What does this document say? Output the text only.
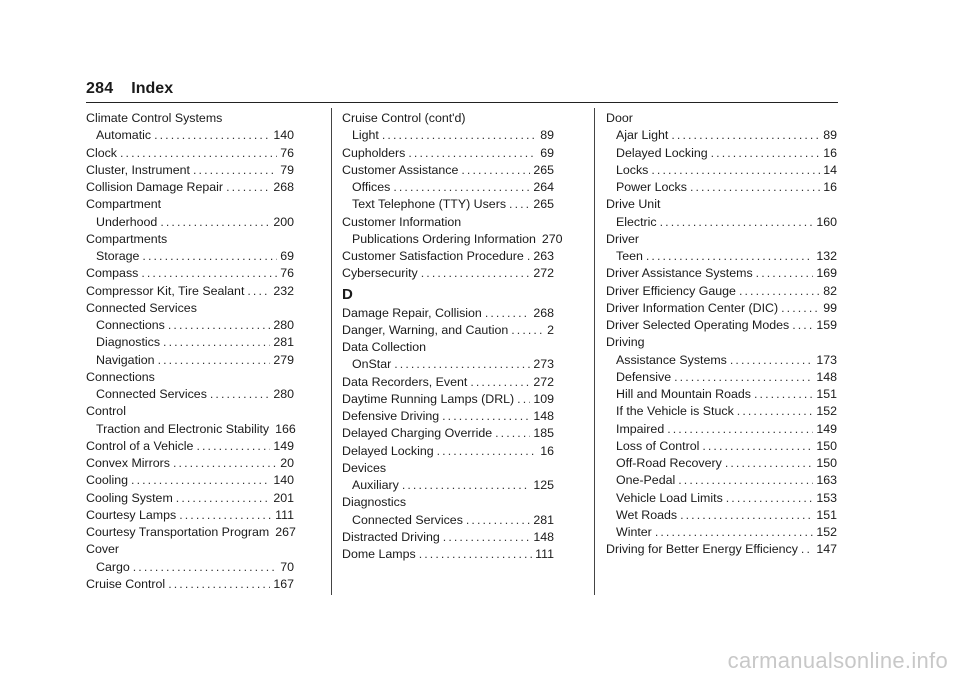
284 Index
Climate Control Systems
Automatic .....	140
Clock .....	76
Cluster, Instrument .....	79
Collision Damage Repair .....	268
Compartment
Underhood .....	200
Compartments
Storage .....	69
Compass .....	76
Compressor Kit, Tire Sealant ..... 232
Connected Services
Connections .....	280
Diagnostics .....	281
Navigation .....	279
Connections
Connected Services .....	280
Control
Traction and Electronic Stability 166
Control of a Vehicle .....	149
Convex Mirrors .....	20
Cooling .....	140
Cooling System .....	201
Courtesy Lamps .....	111
Courtesy Transportation Program 267
Cover
Cargo .....	70
Cruise Control .....	167
Cruise Control (cont'd)
Light .....	89
Cupholders .....	69
Customer Assistance .....	265
Offices .....	264
Text Telephone (TTY) Users ..... 265
Customer Information
Publications Ordering Information 270
Customer Satisfaction Procedure ..... 263
Cybersecurity .....	272
D
Damage Repair, Collision .....	268
Danger, Warning, and Caution .....	2
Data Collection
OnStar .....	273
Data Recorders, Event .....	272
Daytime Running Lamps (DRL) ..... 109
Defensive Driving .....	148
Delayed Charging Override .....	185
Delayed Locking .....	16
Devices
Auxiliary .....	125
Diagnostics
Connected Services .....	281
Distracted Driving .....	148
Dome Lamps .....	111
Door
Ajar Light .....	89
Delayed Locking .....	16
Locks .....	14
Power Locks .....	16
Drive Unit
Electric .....	160
Driver
Teen .....	132
Driver Assistance Systems .....	169
Driver Efficiency Gauge .....	82
Driver Information Center (DIC) .....	99
Driver Selected Operating Modes ..... 159
Driving
Assistance Systems .....	173
Defensive .....	148
Hill and Mountain Roads .....	151
If the Vehicle is Stuck .....	152
Impaired .....	149
Loss of Control .....	150
Off-Road Recovery .....	150
One-Pedal .....	163
Vehicle Load Limits .....	153
Wet Roads .....	151
Winter .....	152
Driving for Better Energy Efficiency ..... 147
carmanualsonline.info
